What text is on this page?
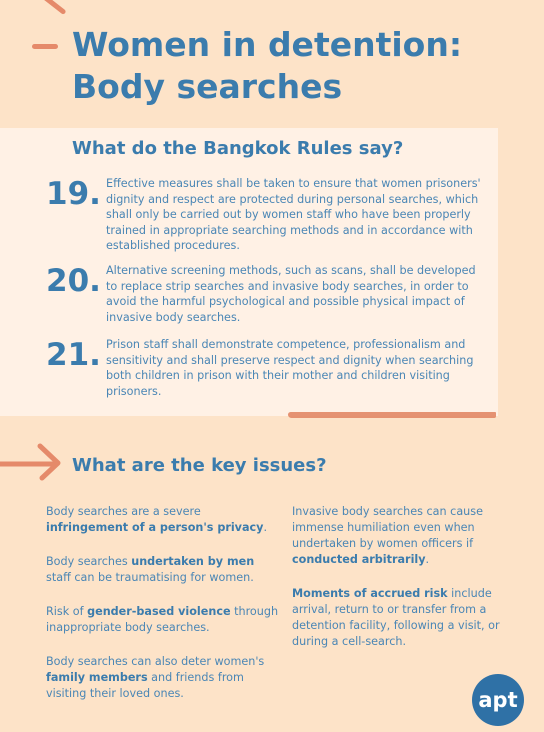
Women in detention:
Body searches
What do the Bangkok Rules say?
19. Effective measures shall be taken to ensure that women prisoners' dignity and respect are protected during personal searches, which shall only be carried out by women staff who have been properly trained in appropriate searching methods and in accordance with established procedures.
20. Alternative screening methods, such as scans, shall be developed to replace strip searches and invasive body searches, in order to avoid the harmful psychological and possible physical impact of invasive body searches.
21. Prison staff shall demonstrate competence, professionalism and sensitivity and shall preserve respect and dignity when searching both children in prison with their mother and children visiting prisoners.
What are the key issues?

Body searches are a severe infringement of a person's privacy.

Body searches undertaken by men staff can be traumatising for women.

Risk of gender-based violence through inappropriate body searches.

Body searches can also deter women's family members and friends from visiting their loved ones.

Invasive body searches can cause immense humiliation even when undertaken by women officers if conducted arbitrarily.

Moments of accrued risk include arrival, return to or transfer from a detention facility, following a visit, or during a cell-search.

apt
